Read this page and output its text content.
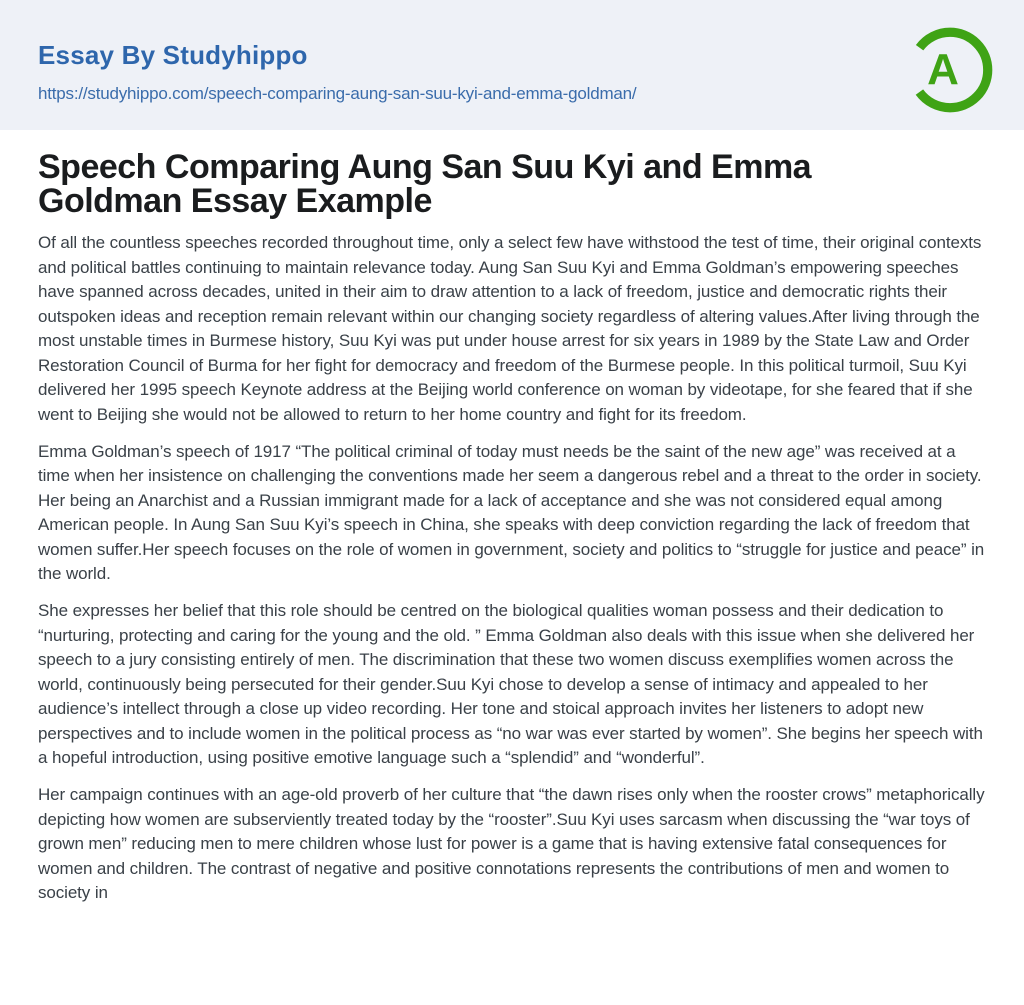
Essay By Studyhippo
https://studyhippo.com/speech-comparing-aung-san-suu-kyi-and-emma-goldman/	A
Speech Comparing Aung San Suu Kyi and Emma
Goldman Essay Example

Of all the countless speeches recorded throughout time, only a select few have withstood the test of time, their original contexts and political battles continuing to maintain relevance today. Aung San Suu Kyi and Emma Goldman’s empowering speeches have spanned across decades, united in their aim to draw attention to a lack of freedom, justice and democratic rights their outspoken ideas and reception remain relevant within our changing society regardless of altering values.After living through the most unstable times in Burmese history, Suu Kyi was put under house arrest for six years in 1989 by the State Law and Order Restoration Council of Burma for her fight for democracy and freedom of the Burmese people. In this political turmoil, Suu Kyi delivered her 1995 speech Keynote address at the Beijing world conference on woman by videotape, for she feared that if she went to Beijing she would not be allowed to return to her home country and fight for its freedom.

Emma Goldman’s speech of 1917 “The political criminal of today must needs be the saint of the new age” was received at a time when her insistence on challenging the conventions made her seem a dangerous rebel and a threat to the order in society. Her being an Anarchist and a Russian immigrant made for a lack of acceptance and she was not considered equal among American people. In Aung San Suu Kyi’s speech in China, she speaks with deep conviction regarding the lack of freedom that women suffer.Her speech focuses on the role of women in government, society and politics to “struggle for justice and peace” in the world.

She expresses her belief that this role should be centred on the biological qualities woman possess and their dedication to “nurturing, protecting and caring for the young and the old. ” Emma Goldman also deals with this issue when she delivered her speech to a jury consisting entirely of men. The discrimination that these two women discuss exemplifies women across the world, continuously being persecuted for their gender.Suu Kyi chose to develop a sense of intimacy and appealed to her audience’s intellect through a close up video recording. Her tone and stoical approach invites her listeners to adopt new perspectives and to include women in the political process as “no war was ever started by women”. She begins her speech with a hopeful introduction, using positive emotive language such a “splendid” and “wonderful”.

Her campaign continues with an age-old proverb of her culture that “the dawn rises only when the rooster crows” metaphorically depicting how women are subserviently treated today by the “rooster”.Suu Kyi uses sarcasm when discussing the “war toys of grown men” reducing men to mere children whose lust for power is a game that is having extensive fatal consequences for women and children. The contrast of negative and positive connotations represents the contributions of men and women to society in
